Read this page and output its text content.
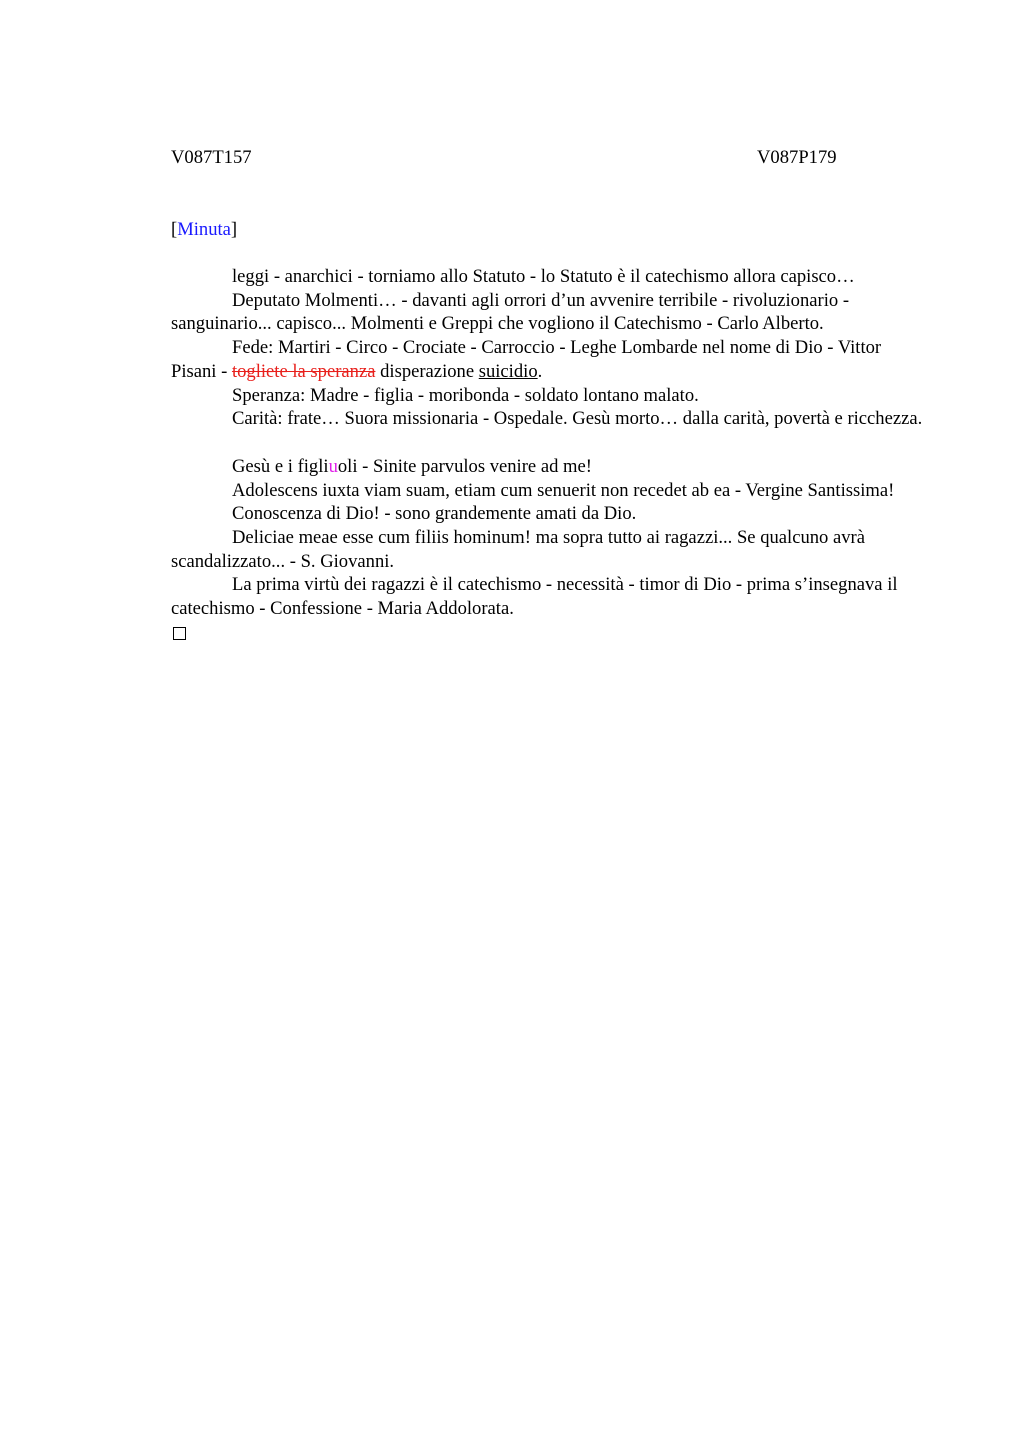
V087T157	V087P179
[Minuta]

leggi - anarchici - torniamo allo Statuto - lo Statuto è il catechismo allora capisco…

Deputato Molmenti… - davanti agli orrori d’un avvenire terribile - rivoluzionario - sanguinario... capisco... Molmenti e Greppi che vogliono il Catechismo - Carlo Alberto.

Fede: Martiri - Circo - Crociate - Carroccio - Leghe Lombarde nel nome di Dio - Vittor Pisani - togliete la speranza disperazione suicidio.

Speranza: Madre - figlia - moribonda - soldato lontano malato.

Carità: frate… Suora missionaria - Ospedale. Gesù morto… dalla carità, povertà e ricchezza.

Gesù e i figliuoli - Sinite parvulos venire ad me!

Adolescens iuxta viam suam, etiam cum senuerit non recedet ab ea - Vergine Santissima!

Conoscenza di Dio! - sono grandemente amati da Dio.

Deliciae meae esse cum filiis hominum! ma sopra tutto ai ragazzi... Se qualcuno avrà scandalizzato... - S. Giovanni.

La prima virtù dei ragazzi è il catechismo - necessità - timor di Dio - prima s’insegnava il catechismo - Confessione - Maria Addolorata.
